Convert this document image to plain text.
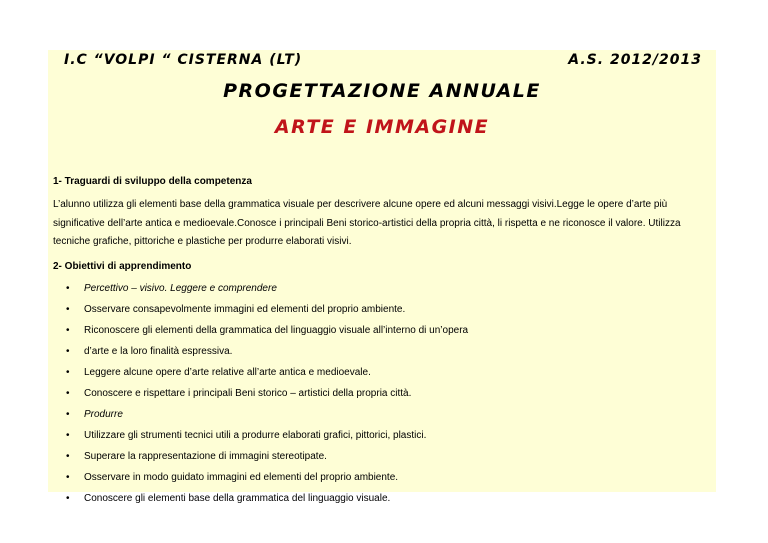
I.C “VOLPI “ CISTERNA (LT)	A.S. 2012/2013
PROGETTAZIONE ANNUALE
ARTE E IMMAGINE
1- Traguardi di sviluppo della competenza

L’alunno utilizza gli elementi base della grammatica visuale per descrivere alcune opere ed alcuni messaggi visivi.Legge le opere d’arte più significative dell’arte antica e medioevale.Conosce i principali Beni storico-artistici della propria città, li rispetta e ne riconosce il valore. Utilizza tecniche grafiche, pittoriche e plastiche per produrre elaborati visivi.

2- Obiettivi di apprendimento
• Percettivo – visivo. Leggere e comprendere
• Osservare consapevolmente immagini ed elementi del proprio ambiente.
• Riconoscere gli elementi della grammatica del linguaggio visuale all’interno di un’opera
• d’arte e la loro finalità espressiva.
• Leggere alcune opere d’arte relative all’arte antica e medioevale.
• Conoscere e rispettare i principali Beni storico – artistici della propria città.
• Produrre
• Utilizzare gli strumenti tecnici utili a produrre elaborati grafici, pittorici, plastici.
• Superare la rappresentazione di immagini stereotipate.
• Osservare in modo guidato immagini ed elementi del proprio ambiente.
• Conoscere gli elementi base della grammatica del linguaggio visuale.
